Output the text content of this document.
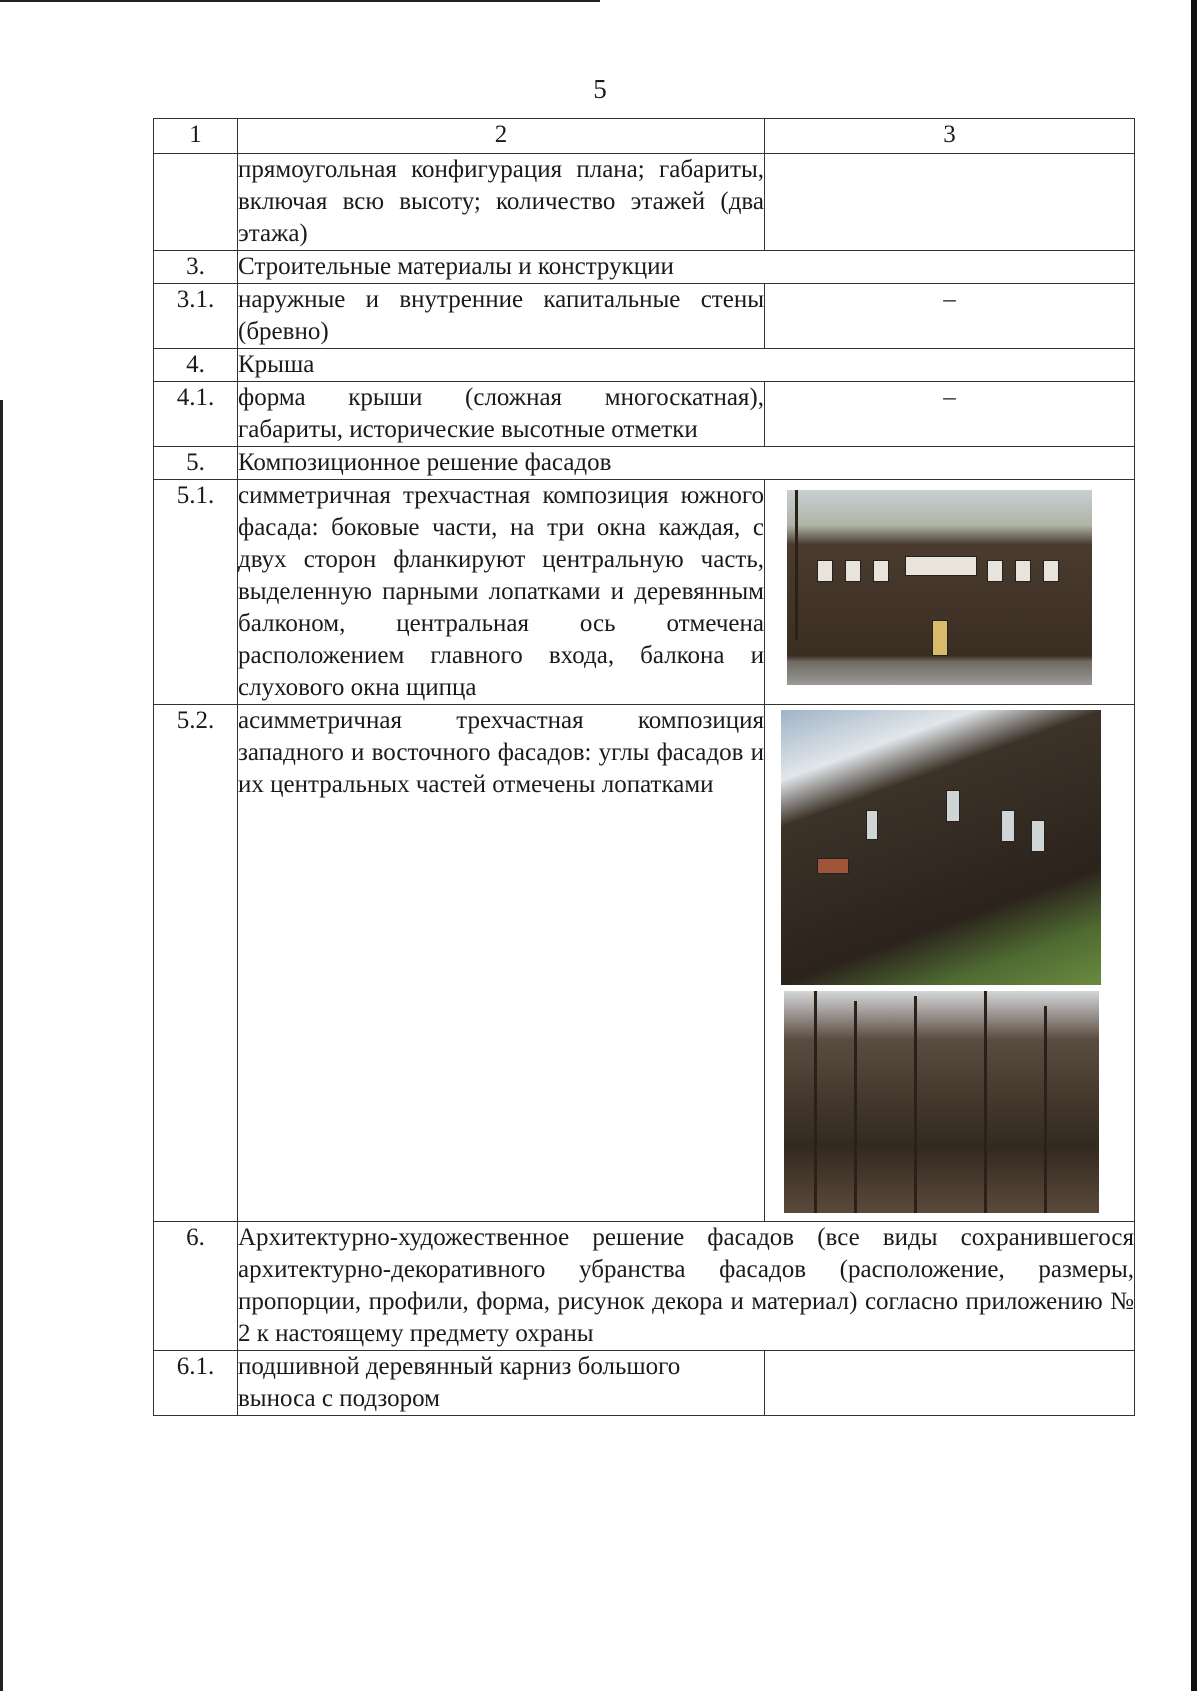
5
1	2	3
	прямоугольная конфигурация плана; габариты, включая всю высоту; количество этажей (два этажа)	
3.	Строительные материалы и конструкции	
3.1.	наружные и внутренние капитальные стены (бревно)	–
4.	Крыша	
4.1.	форма крыши (сложная многоскатная), габариты, исторические высотные отметки	–
5.	Композиционное решение фасадов	
5.1.	симметричная трехчастная композиция южного фасада: боковые части, на три окна каждая, с двух сторон фланкируют центральную часть, выделенную парными лопатками и деревянным балконом, центральная ось отмечена расположением главного входа, балкона и слухового окна щипца	

5.2.	асимметричная трехчастная композиция западного и восточного фасадов: углы фасадов и их центральных частей отмечены лопатками	

6.	Архитектурно-художественное решение фасадов (все виды сохранившегося архитектурно-декоративного убранства фасадов (расположение, размеры, пропорции, профили, форма, рисунок декора и материал) согласно приложению № 2 к настоящему предмету охраны	
6.1.	подшивной деревянный карниз большого выноса с подзором	
